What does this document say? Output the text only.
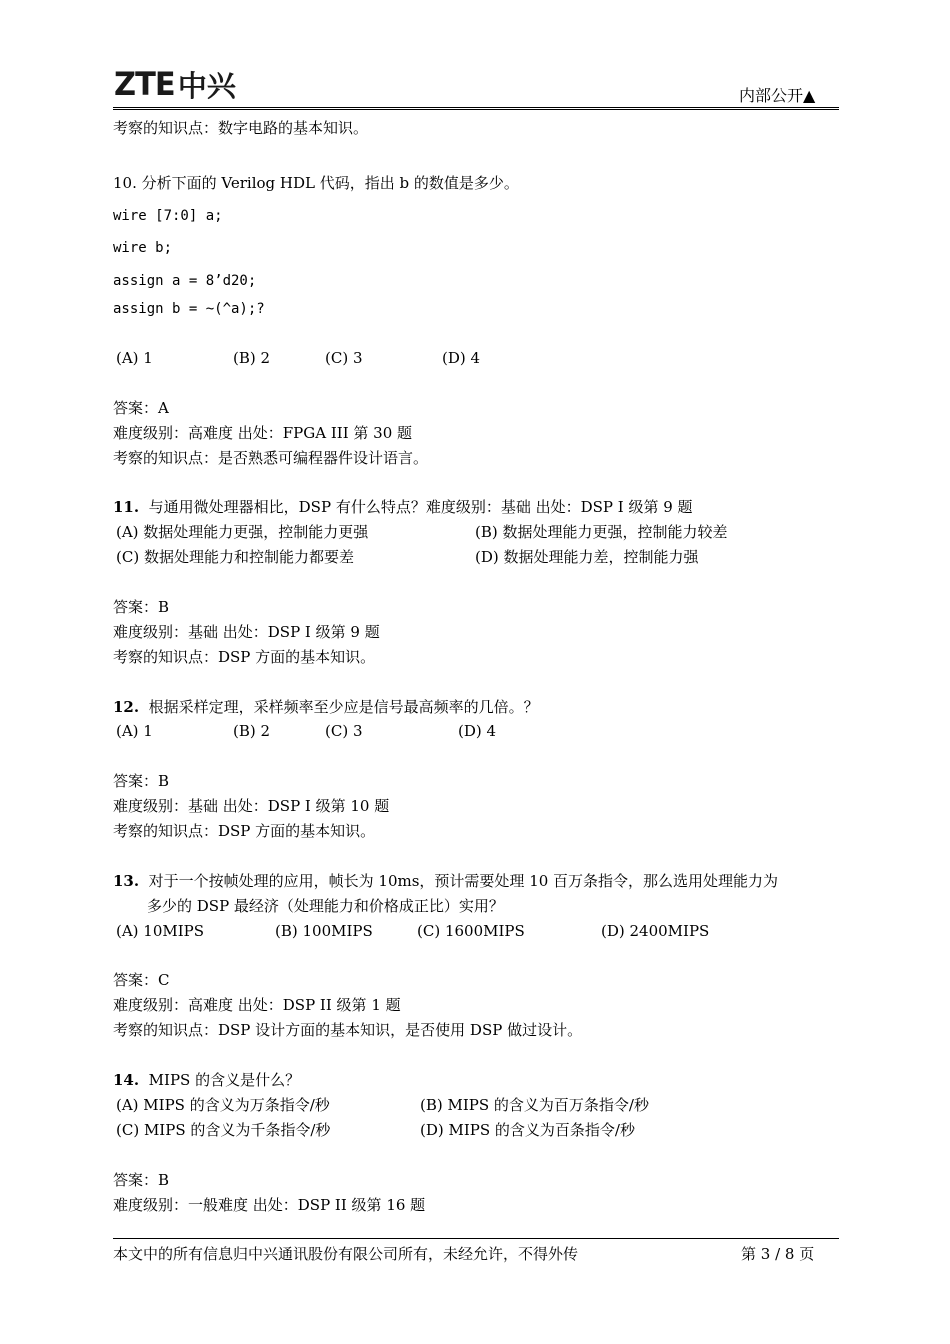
ZTE 中兴	内部公开▲
考察的知识点：数字电路的基本知识。
10. 分析下面的 Verilog HDL 代码，指出 b 的数值是多少。
wire [7:0] a;
wire b;
assign a = 8’d20;
assign b = ~(^a);?
(A) 1	(B) 2	(C) 3	(D) 4
答案：A
难度级别：高难度 出处：FPGA III 第 30 题
考察的知识点：是否熟悉可编程器件设计语言。
11. 与通用微处理器相比，DSP 有什么特点？难度级别：基础 出处：DSP I 级第 9 题
(A) 数据处理能力更强，控制能力更强	(B) 数据处理能力更强，控制能力较差
(C) 数据处理能力和控制能力都要差	(D) 数据处理能力差，控制能力强
答案：B
难度级别：基础 出处：DSP I 级第 9 题
考察的知识点：DSP 方面的基本知识。
12. 根据采样定理，采样频率至少应是信号最高频率的几倍。？
(A) 1	(B) 2	(C) 3	(D) 4
答案：B
难度级别：基础 出处：DSP I 级第 10 题
考察的知识点：DSP 方面的基本知识。
13. 对于一个按帧处理的应用，帧长为 10ms，预计需要处理 10 百万条指令，那么选用处理能力为
多少的 DSP 最经济（处理能力和价格成正比）实用？
(A) 10MIPS	(B) 100MIPS	(C) 1600MIPS	(D) 2400MIPS
答案：C
难度级别：高难度 出处：DSP II 级第 1 题
考察的知识点：DSP 设计方面的基本知识，是否使用 DSP 做过设计。
14. MIPS 的含义是什么？
(A) MIPS 的含义为万条指令/秒	(B) MIPS 的含义为百万条指令/秒
(C) MIPS 的含义为千条指令/秒	(D) MIPS 的含义为百条指令/秒
答案：B
难度级别：一般难度 出处：DSP II 级第 16 题
本文中的所有信息归中兴通讯股份有限公司所有，未经允许，不得外传	第 3 / 8 页
